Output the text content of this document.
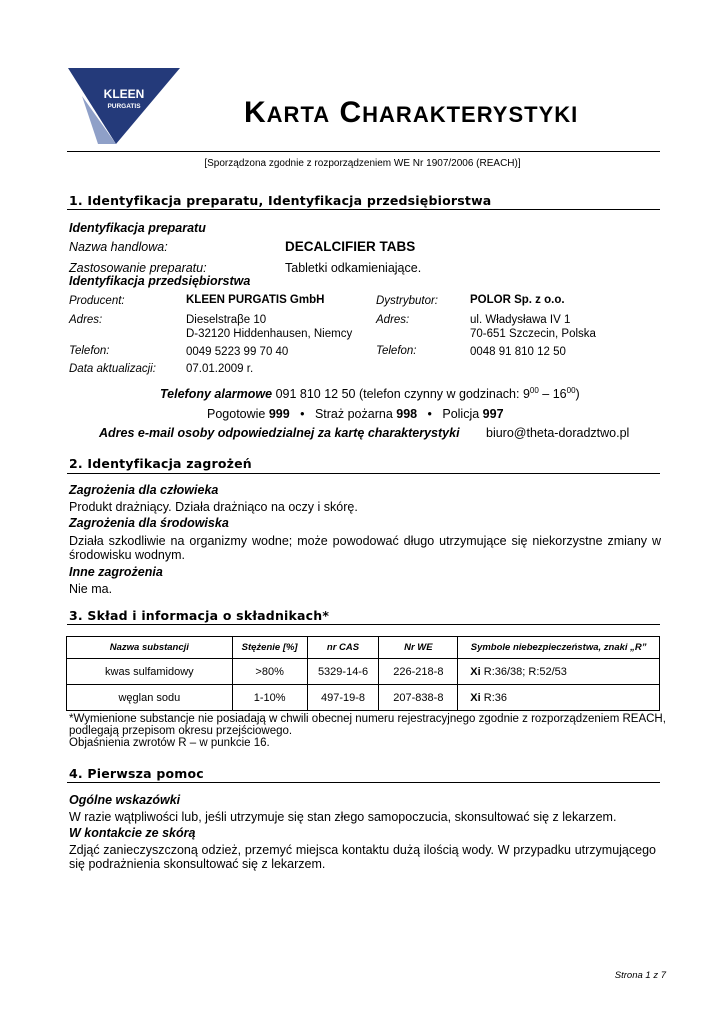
KLEEN
PURGATIS	KARTA CHARAKTERYSTYKI
[Sporządzona zgodnie z rozporządzeniem WE Nr 1907/2006 (REACH)]
1. Identyfikacja preparatu, Identyfikacja przedsiębiorstwa
Identyfikacja preparatu
Nazwa handlowa:	DECALCIFIER TABS
Zastosowanie preparatu:	Tabletki odkamieniające.
Identyfikacja przedsiębiorstwa
Producent:	KLEEN PURGATIS GmbH	Dystrybutor:	POLOR Sp. z o.o.
Adres:	Dieselstraβe 10
D-32120 Hiddenhausen, Niemcy
Adres:	ul. Władysława IV 1
70-651 Szczecin, Polska
Telefon:	0049 5223 99 70 40	Telefon:	0048 91 810 12 50
Data aktualizacji:	07.01.2009 r.
Telefony alarmowe 091 810 12 50 (telefon czynny w godzinach: $9^{00} - 16^{00}$)
Pogotowie 999 • Straż pożarna 998 • Policja 997
Adres e-mail osoby odpowiedzialnej za kartę charakterystyki biuro@theta-doradztwo.pl
2. Identyfikacja zagrożeń
Zagrożenia dla człowieka
Produkt drażniący. Działa drażniąco na oczy i skórę.
Zagrożenia dla środowiska
Działa szkodliwie na organizmy wodne; może powodować długo utrzymujące się niekorzystne zmiany w
środowisku wodnym.
Inne zagrożenia
Nie ma.
3. Skład i informacja o składnikach*
Nazwa substancji	Stężenie [%]	nr CAS	Nr WE	Symbole niebezpieczeństwa, znaki „R”
kwas sulfamidowy	>80%	5329-14-6	226-218-8	Xi R:36/38; R:52/53
węglan sodu	1-10%	497-19-8	207-838-8	Xi R:36
*Wymienione substancje nie posiadają w chwili obecnej numeru rejestracyjnego zgodnie z rozporządzeniem REACH,
podlegają przepisom okresu przejściowego.
Objaśnienia zwrotów R – w punkcie 16.
4. Pierwsza pomoc
Ogólne wskazówki
W razie wątpliwości lub, jeśli utrzymuje się stan złego samopoczucia, skonsultować się z lekarzem.
W kontakcie ze skórą
Zdjąć zanieczyszczoną odzież, przemyć miejsca kontaktu dużą ilością wody. W przypadku utrzymującego
się podrażnienia skonsultować się z lekarzem.
Strona 1 z 7
